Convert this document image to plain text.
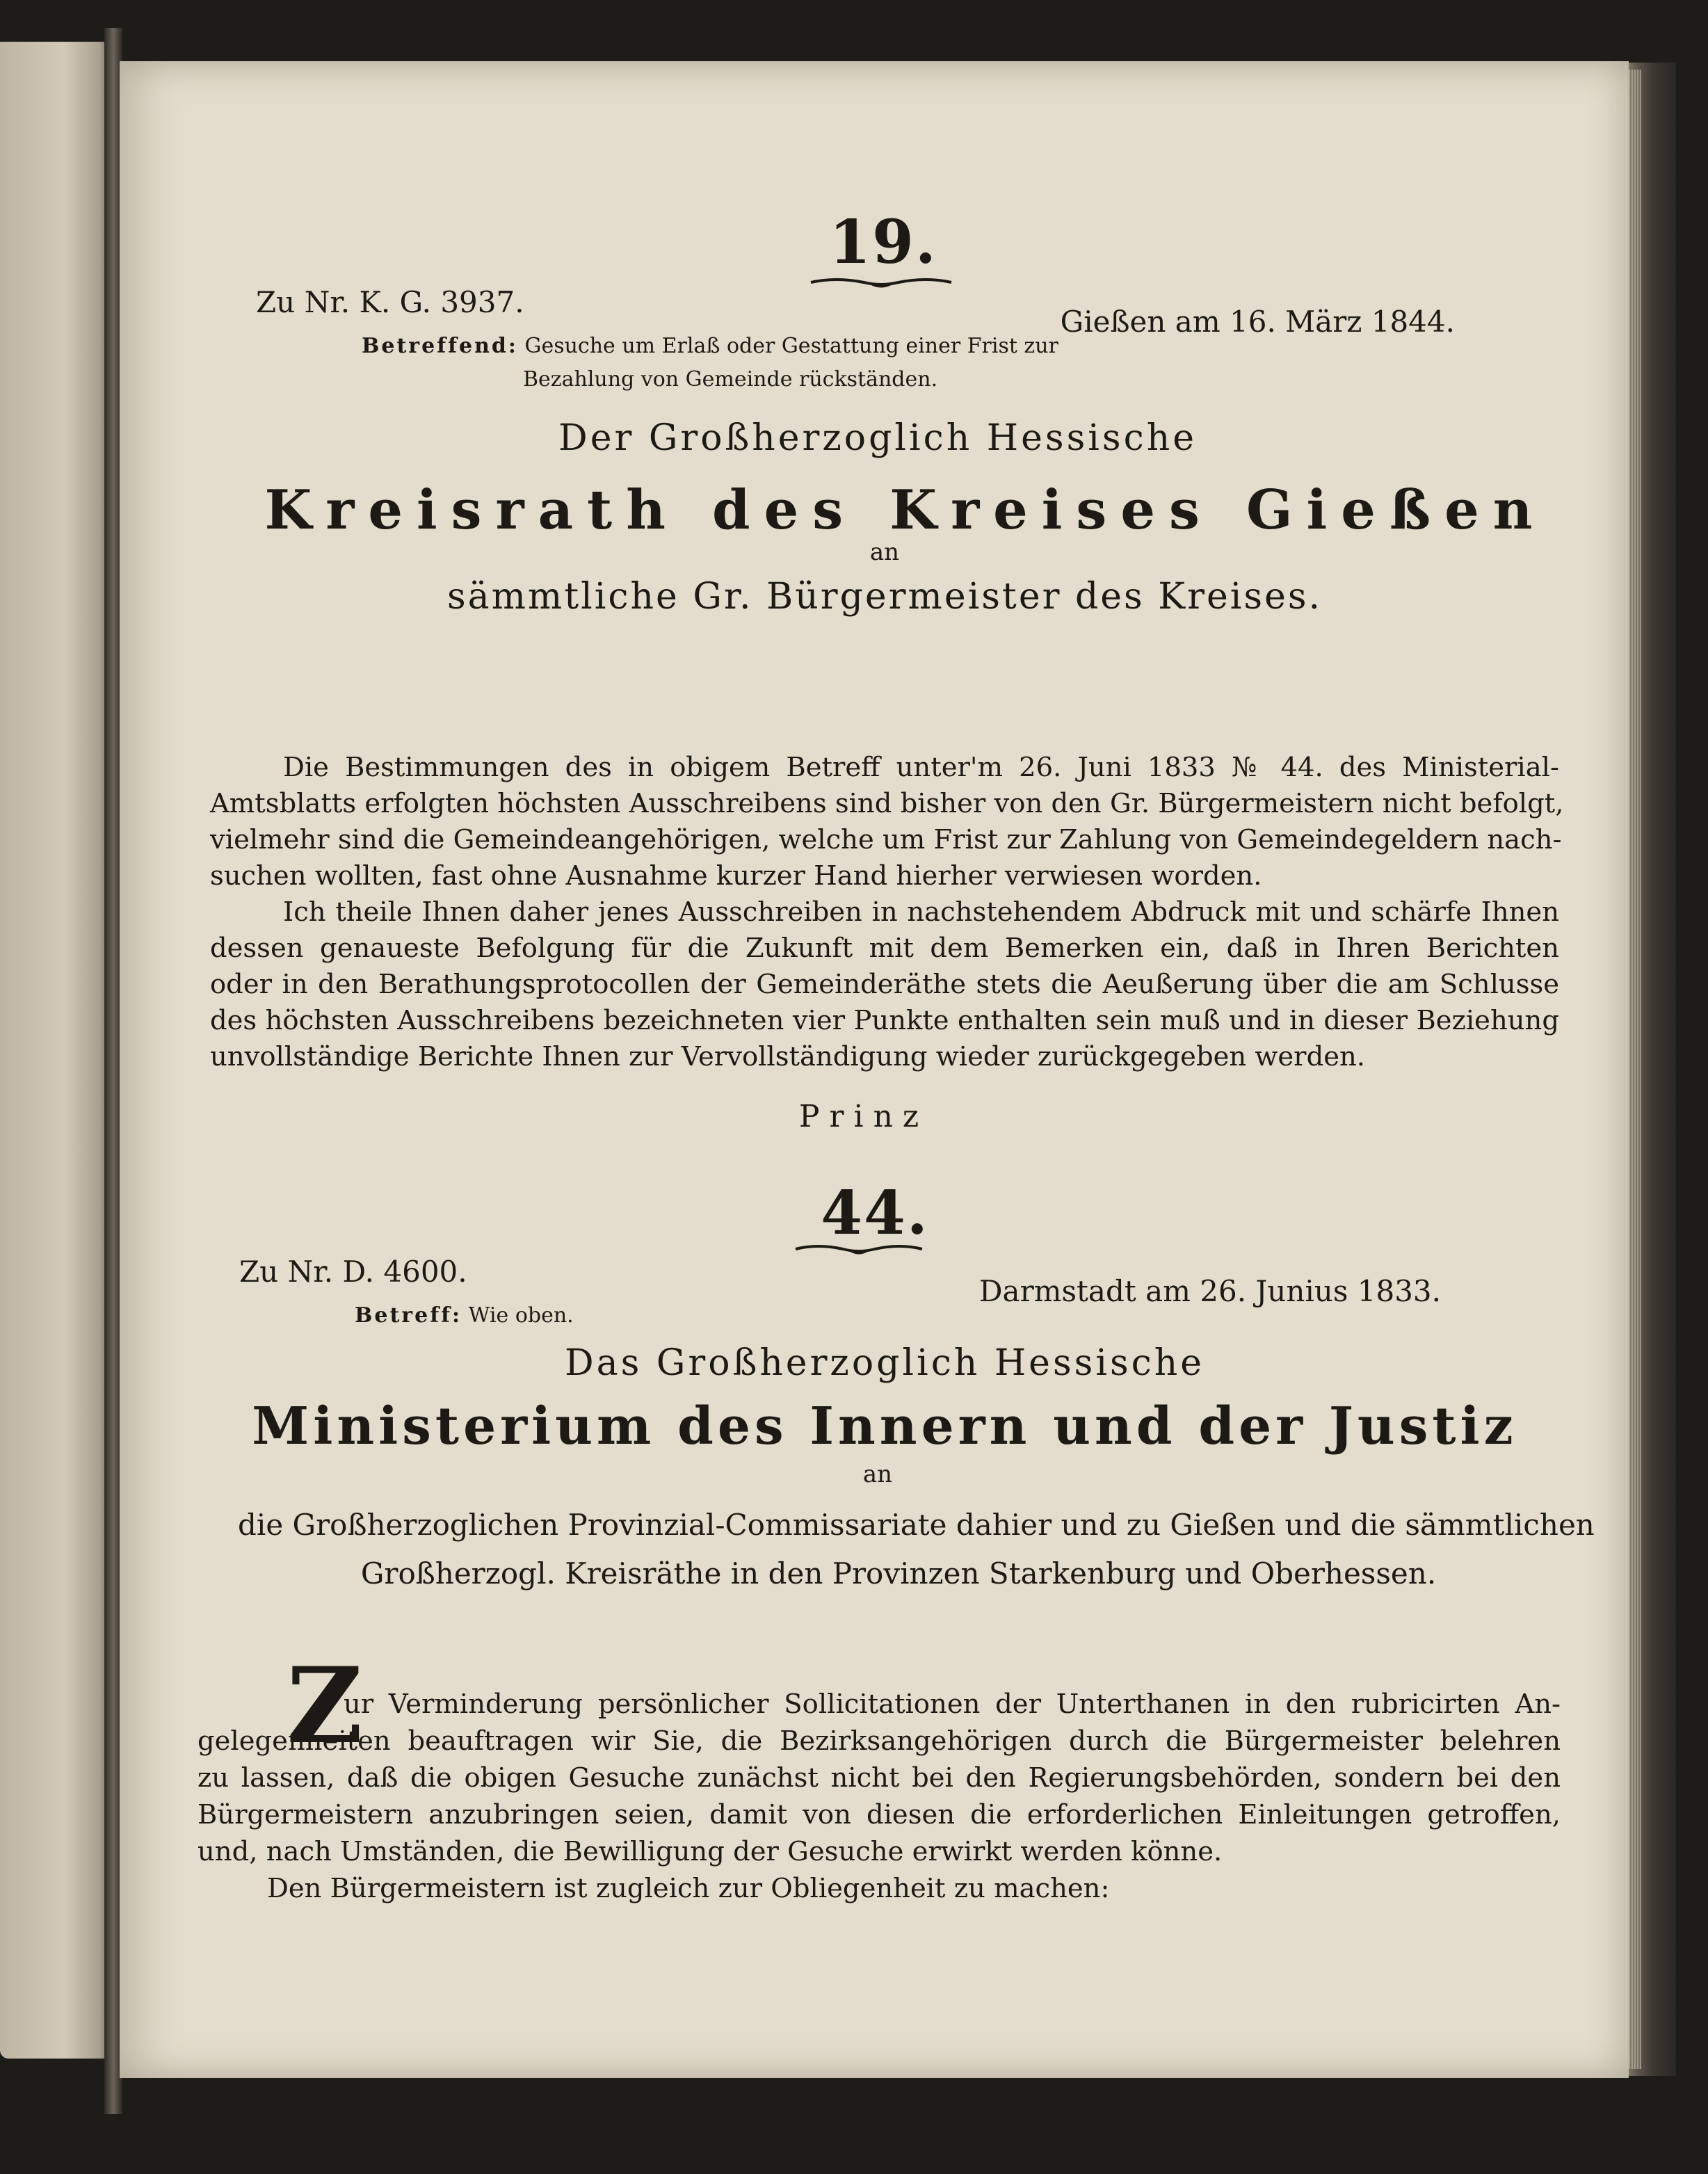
19.
Zu Nr. K. G. 3937.
Gießen am 16. März 1844.
Betreffend: Gesuche um Erlaß oder Gestattung einer Frist zur
Bezahlung von Gemeinde rückständen.
Der Großherzoglich Hessische
Kreisrath des Kreises Gießen
an
sämmtliche Gr. Bürgermeister des Kreises.
Die Bestimmungen des in obigem Betreff unter'm 26. Juni 1833 № 44. des Ministerial-
Amtsblatts erfolgten höchsten Ausschreibens sind bisher von den Gr. Bürgermeistern nicht befolgt,
vielmehr sind die Gemeindeangehörigen, welche um Frist zur Zahlung von Gemeindegeldern nach-
suchen wollten, fast ohne Ausnahme kurzer Hand hierher verwiesen worden.
Ich theile Ihnen daher jenes Ausschreiben in nachstehendem Abdruck mit und schärfe Ihnen
dessen genaueste Befolgung für die Zukunft mit dem Bemerken ein, daß in Ihren Berichten
oder in den Berathungsprotocollen der Gemeinderäthe stets die Aeußerung über die am Schlusse
des höchsten Ausschreibens bezeichneten vier Punkte enthalten sein muß und in dieser Beziehung
unvollständige Berichte Ihnen zur Vervollständigung wieder zurückgegeben werden.
Prinz
44.
Zu Nr. D. 4600.
Darmstadt am 26. Junius 1833.
Betreff: Wie oben.
Das Großherzoglich Hessische
Ministerium des Innern und der Justiz
an
die Großherzoglichen Provinzial-Commissariate dahier und zu Gießen und die sämmtlichen
Großherzogl. Kreisräthe in den Provinzen Starkenburg und Oberhessen.
Z
ur Verminderung persönlicher Sollicitationen der Unterthanen in den rubricirten An-
gelegenheiten beauftragen wir Sie, die Bezirksangehörigen durch die Bürgermeister belehren
zu lassen, daß die obigen Gesuche zunächst nicht bei den Regierungsbehörden, sondern bei den
Bürgermeistern anzubringen seien, damit von diesen die erforderlichen Einleitungen getroffen,
und, nach Umständen, die Bewilligung der Gesuche erwirkt werden könne.
Den Bürgermeistern ist zugleich zur Obliegenheit zu machen:
